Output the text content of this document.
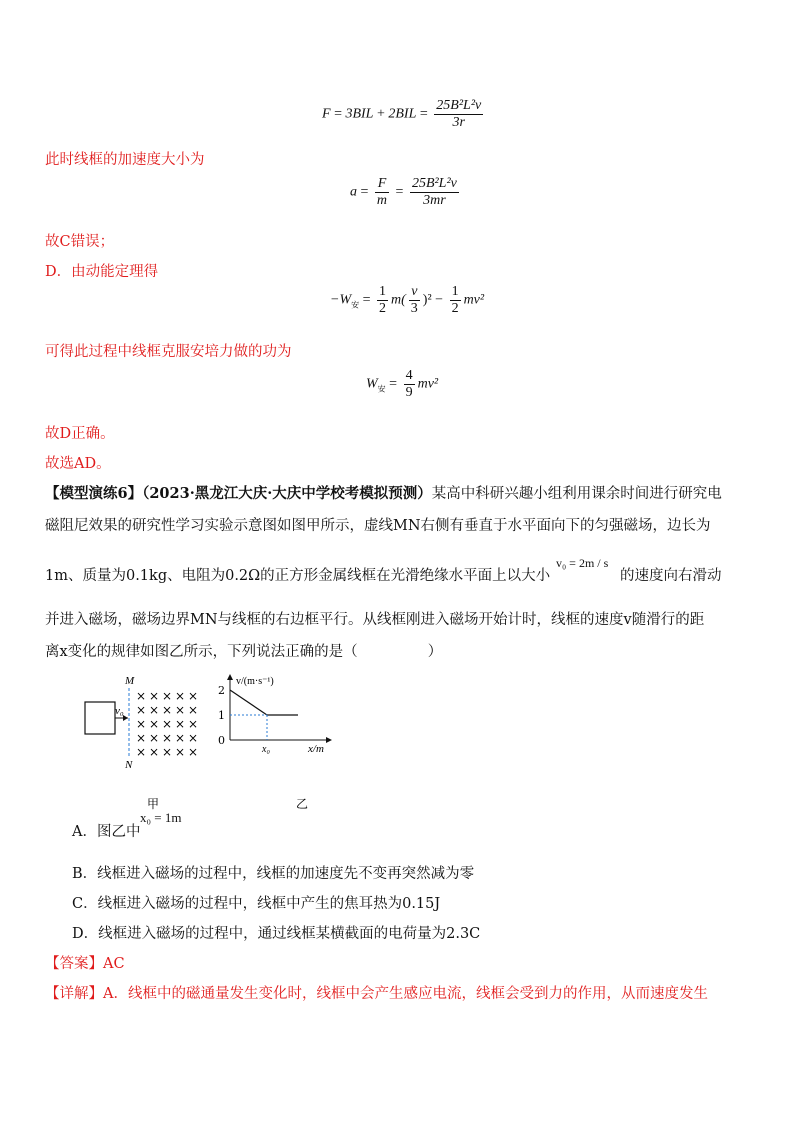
$F = 3BIL + 2BIL = \frac{\text{25B²L²v}}{3r}$
此时线框的加速度大小为
$a = \frac{F}{m} = \frac{\text{25B²L²v}}{3mr}$
故C错误；
D．由动能定理得
$-W_安 = \frac{1}{2} m( \frac{v}{3} )^2 - \frac{1}{2} mv^2$
可得此过程中线框克服安培力做的功为
$W_安 = \frac{4}{9} mv^2$
故D正确。
故选AD。
【模型演练6】（2023·黑龙江大庆·大庆中学校考模拟预测）某高中科研兴趣小组利用课余时间进行研究电
磁阻尼效果的研究性学习实验示意图如图甲所示，虚线MN右侧有垂直于水平面向下的匀强磁场，边长为
1m、质量为0.1kg、电阻为0.2Ω的正方形金属线框在光滑绝缘水平面上以大小
v₀ = 2m / s
的速度向右滑动
并进入磁场，磁场边界MN与线框的右边框平行。从线框刚进入磁场开始计时，线框的速度v随滑行的距
离x变化的规律如图乙所示，下列说法正确的是（	）
v₀
M
N
× × × × ×
× × × × ×
× × × × ×
× × × × ×
× × × × ×
甲
v/(m·s⁻¹)
x/m
2
1
0
x₀
乙
A．图乙中
x₀ = 1m
B．线框进入磁场的过程中，线框的加速度先不变再突然减为零
C．线框进入磁场的过程中，线框中产生的焦耳热为0.15J
D．线框进入磁场的过程中，通过线框某横截面的电荷量为2.3C
【答案】AC
【详解】A．线框中的磁通量发生变化时，线框中会产生感应电流，线框会受到力的作用，从而速度发生
